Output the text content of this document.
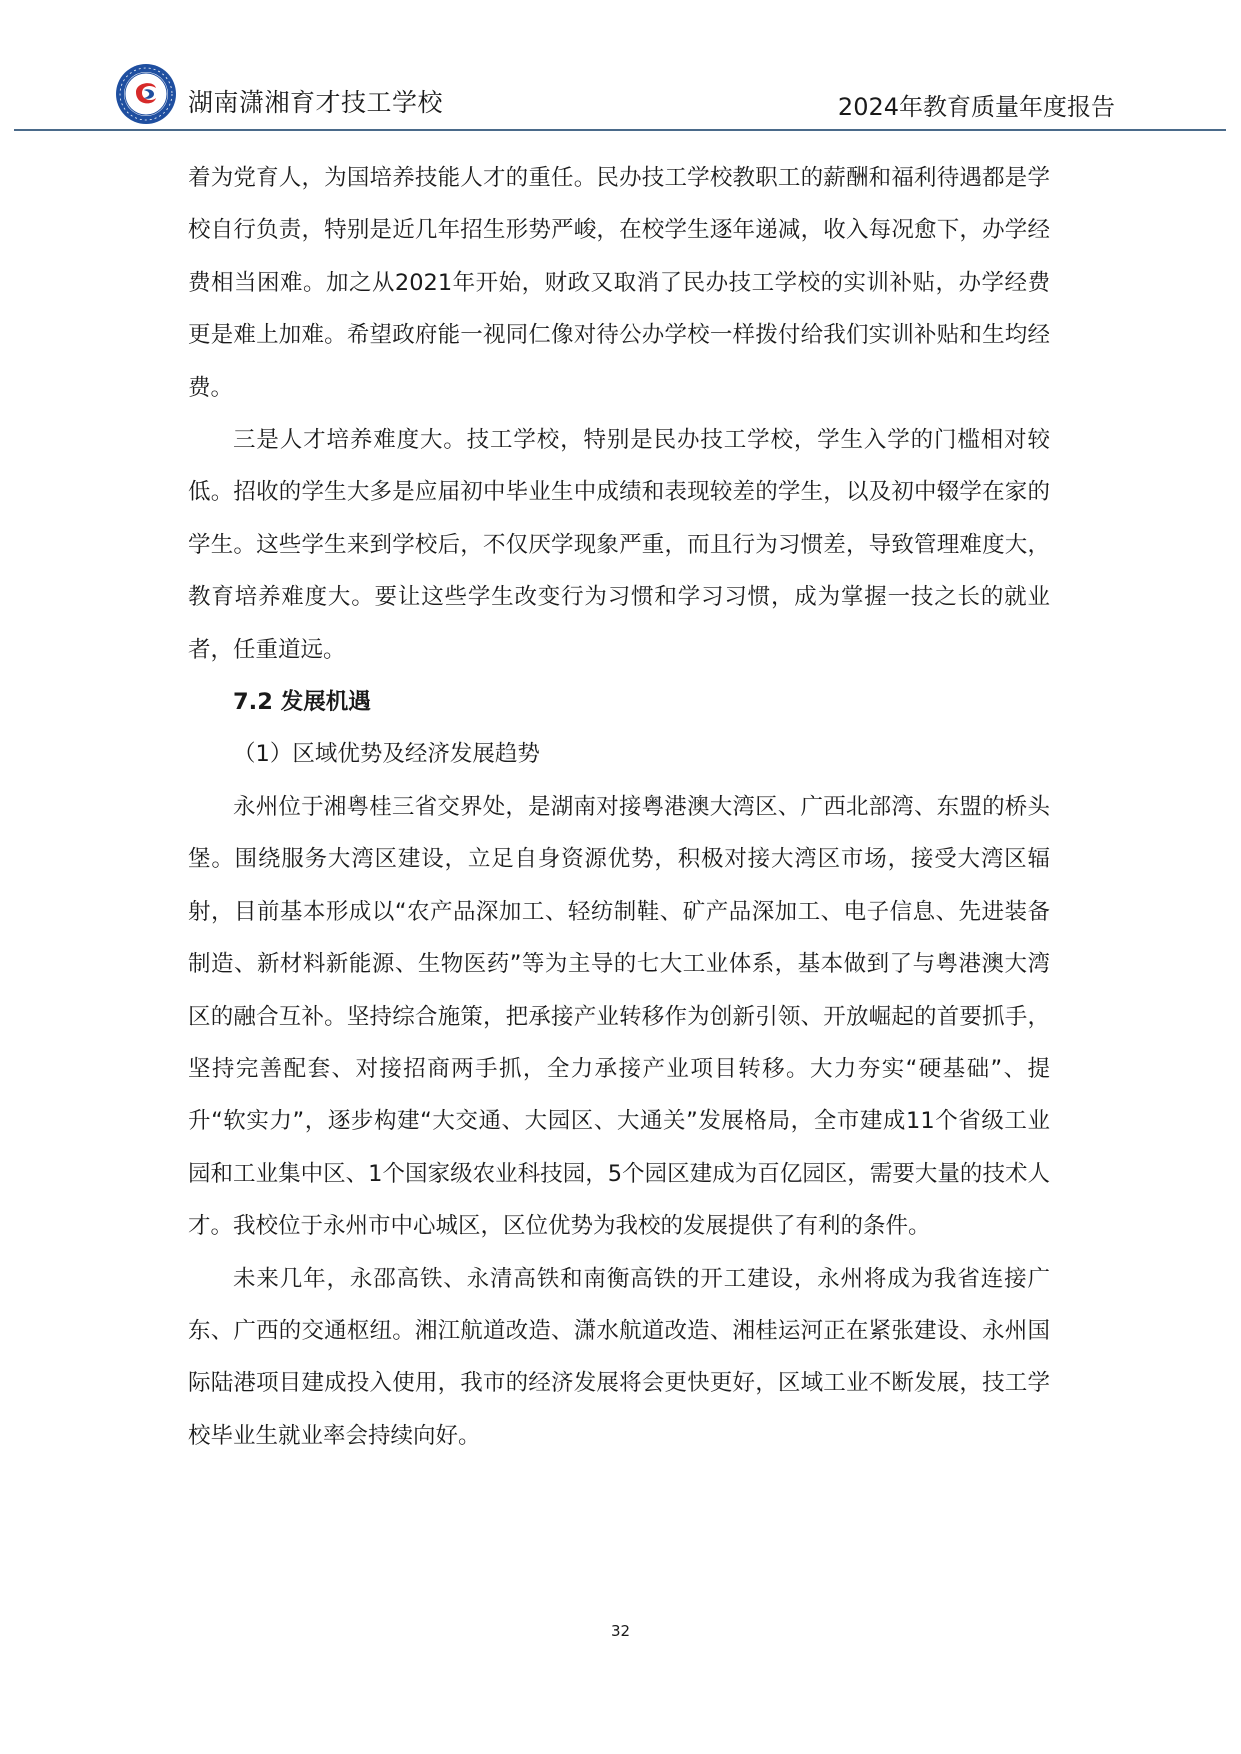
湖南潇湘育才技工学校	2024年教育质量年度报告

着为党育人，为国培养技能人才的重任。民办技工学校教职工的薪酬和福利待遇都是学校自行负责，特别是近几年招生形势严峻，在校学生逐年递减，收入每况愈下，办学经费相当困难。加之从2021年开始，财政又取消了民办技工学校的实训补贴，办学经费更是难上加难。希望政府能一视同仁像对待公办学校一样拨付给我们实训补贴和生均经费。

三是人才培养难度大。技工学校，特别是民办技工学校，学生入学的门槛相对较低。招收的学生大多是应届初中毕业生中成绩和表现较差的学生，以及初中辍学在家的学生。这些学生来到学校后，不仅厌学现象严重，而且行为习惯差，导致管理难度大，教育培养难度大。要让这些学生改变行为习惯和学习习惯，成为掌握一技之长的就业者，任重道远。

7.2 发展机遇

（1）区域优势及经济发展趋势

永州位于湘粤桂三省交界处，是湖南对接粤港澳大湾区、广西北部湾、东盟的桥头堡。围绕服务大湾区建设，立足自身资源优势，积极对接大湾区市场，接受大湾区辐射，目前基本形成以“农产品深加工、轻纺制鞋、矿产品深加工、电子信息、先进装备制造、新材料新能源、生物医药”等为主导的七大工业体系，基本做到了与粤港澳大湾区的融合互补。坚持综合施策，把承接产业转移作为创新引领、开放崛起的首要抓手，坚持完善配套、对接招商两手抓，全力承接产业项目转移。大力夯实“硬基础”、提升“软实力”，逐步构建“大交通、大园区、大通关”发展格局，全市建成11个省级工业园和工业集中区、1个国家级农业科技园，5个园区建成为百亿园区，需要大量的技术人才。我校位于永州市中心城区，区位优势为我校的发展提供了有利的条件。

未来几年，永邵高铁、永清高铁和南衡高铁的开工建设，永州将成为我省连接广东、广西的交通枢纽。湘江航道改造、潇水航道改造、湘桂运河正在紧张建设、永州国际陆港项目建成投入使用，我市的经济发展将会更快更好，区域工业不断发展，技工学校毕业生就业率会持续向好。

32
